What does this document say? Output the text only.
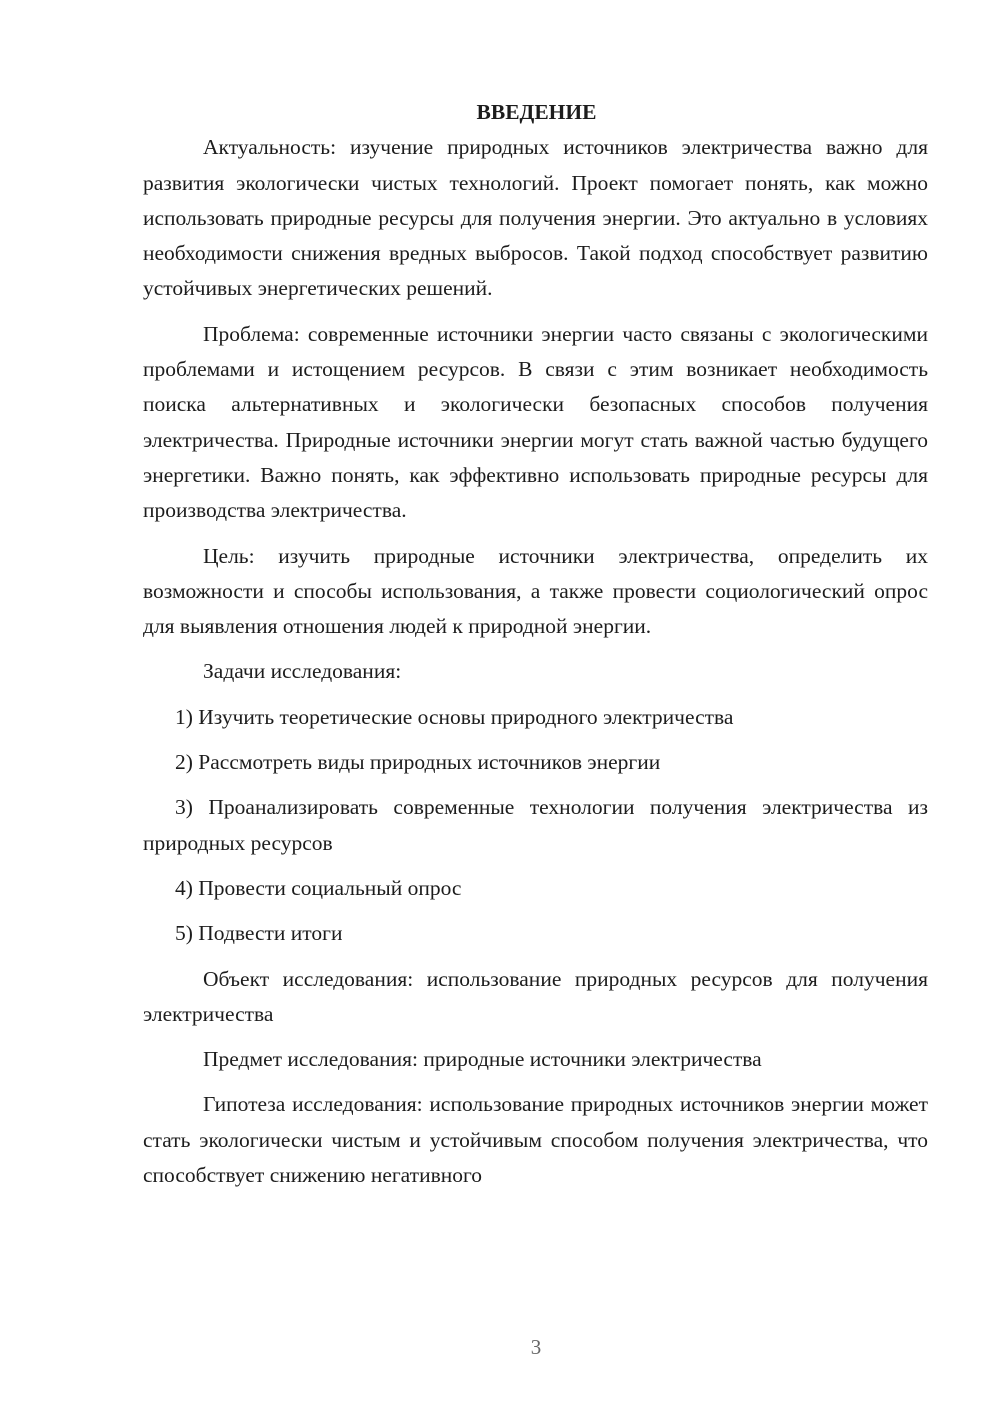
ВВЕДЕНИЕ

Актуальность: изучение природных источников электричества важно для развития экологически чистых технологий. Проект помогает понять, как можно использовать природные ресурсы для получения энергии. Это актуально в условиях необходимости снижения вредных выбросов. Такой подход способствует развитию устойчивых энергетических решений.

Проблема: современные источники энергии часто связаны с экологическими проблемами и истощением ресурсов. В связи с этим возникает необходимость поиска альтернативных и экологически безопасных способов получения электричества. Природные источники энергии могут стать важной частью будущего энергетики. Важно понять, как эффективно использовать природные ресурсы для производства электричества.

Цель: изучить природные источники электричества, определить их возможности и способы использования, а также провести социологический опрос для выявления отношения людей к природной энергии.

Задачи исследования:

1) Изучить теоретические основы природного электричества

2) Рассмотреть виды природных источников энергии

3) Проанализировать современные технологии получения электричества из природных ресурсов

4) Провести социальный опрос

5) Подвести итоги

Объект исследования: использование природных ресурсов для получения электричества

Предмет исследования: природные источники электричества

Гипотеза исследования: использование природных источников энергии может стать экологически чистым и устойчивым способом получения электричества, что способствует снижению негативного

3
